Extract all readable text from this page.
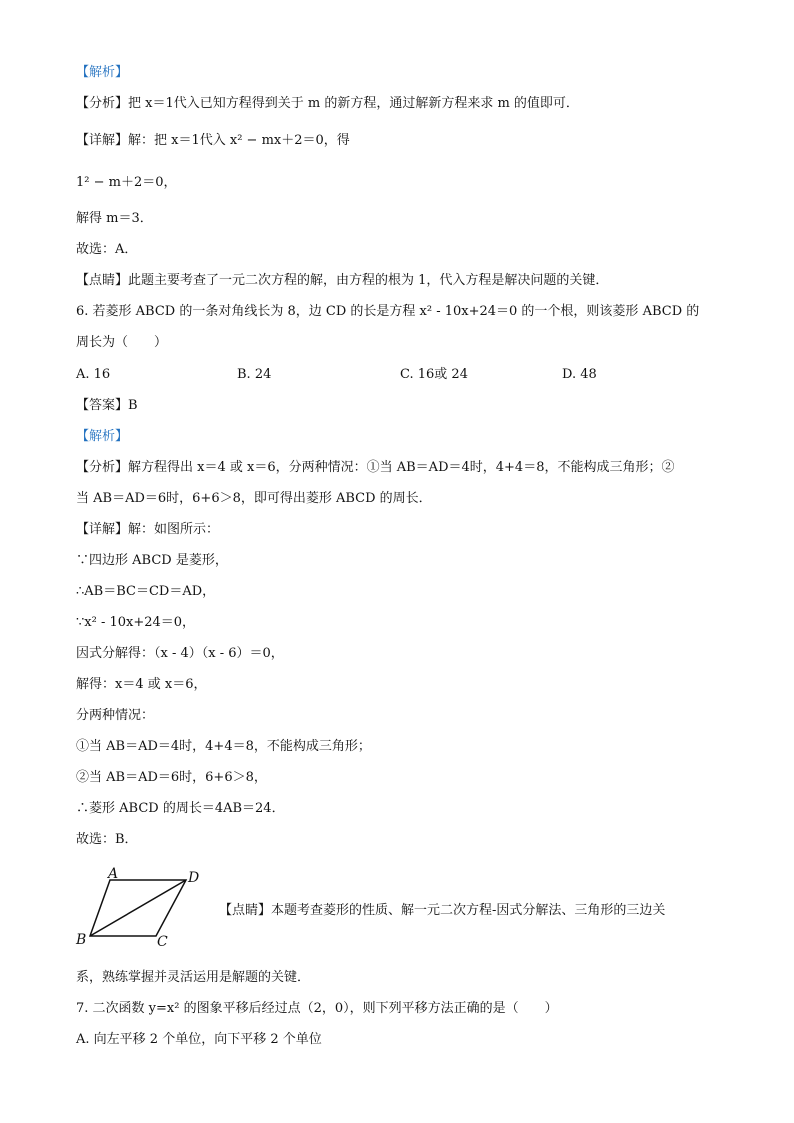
【解析】
【分析】把 x＝1代入已知方程得到关于 m 的新方程，通过解新方程来求 m 的值即可．
【详解】解：把 x＝1代入 x² − mx＋2＝0，得
1² − m＋2＝0，
解得 m＝3．
故选：A．
【点睛】此题主要考查了一元二次方程的解，由方程的根为 1，代入方程是解决问题的关键．
6. 若菱形 ABCD 的一条对角线长为 8，边 CD 的长是方程 x² - 10x+24＝0 的一个根，则该菱形 ABCD 的
周长为（　　）
A. 16	B. 24	C. 16或 24	D. 48
【答案】B
【解析】
【分析】解方程得出 x＝4 或 x＝6，分两种情况：①当 AB＝AD＝4时，4+4＝8，不能构成三角形；②
当 AB＝AD＝6时，6+6＞8，即可得出菱形 ABCD 的周长．
【详解】解：如图所示：
∵四边形 ABCD 是菱形，
∴AB＝BC＝CD＝AD，
∵x² - 10x+24＝0，
因式分解得：（x - 4）（x - 6）＝0，
解得：x＝4 或 x＝6，
分两种情况：
①当 AB＝AD＝4时，4+4＝8，不能构成三角形；
②当 AB＝AD＝6时，6+6＞8，
∴菱形 ABCD 的周长＝4AB＝24．
故选：B．
A	D
B	C
【点睛】本题考查菱形的性质、解一元二次方程-因式分解法、三角形的三边关
系，熟练掌握并灵活运用是解题的关键．
7. 二次函数 y=x² 的图象平移后经过点（2，0），则下列平移方法正确的是（　　）
A. 向左平移 2 个单位，向下平移 2 个单位
